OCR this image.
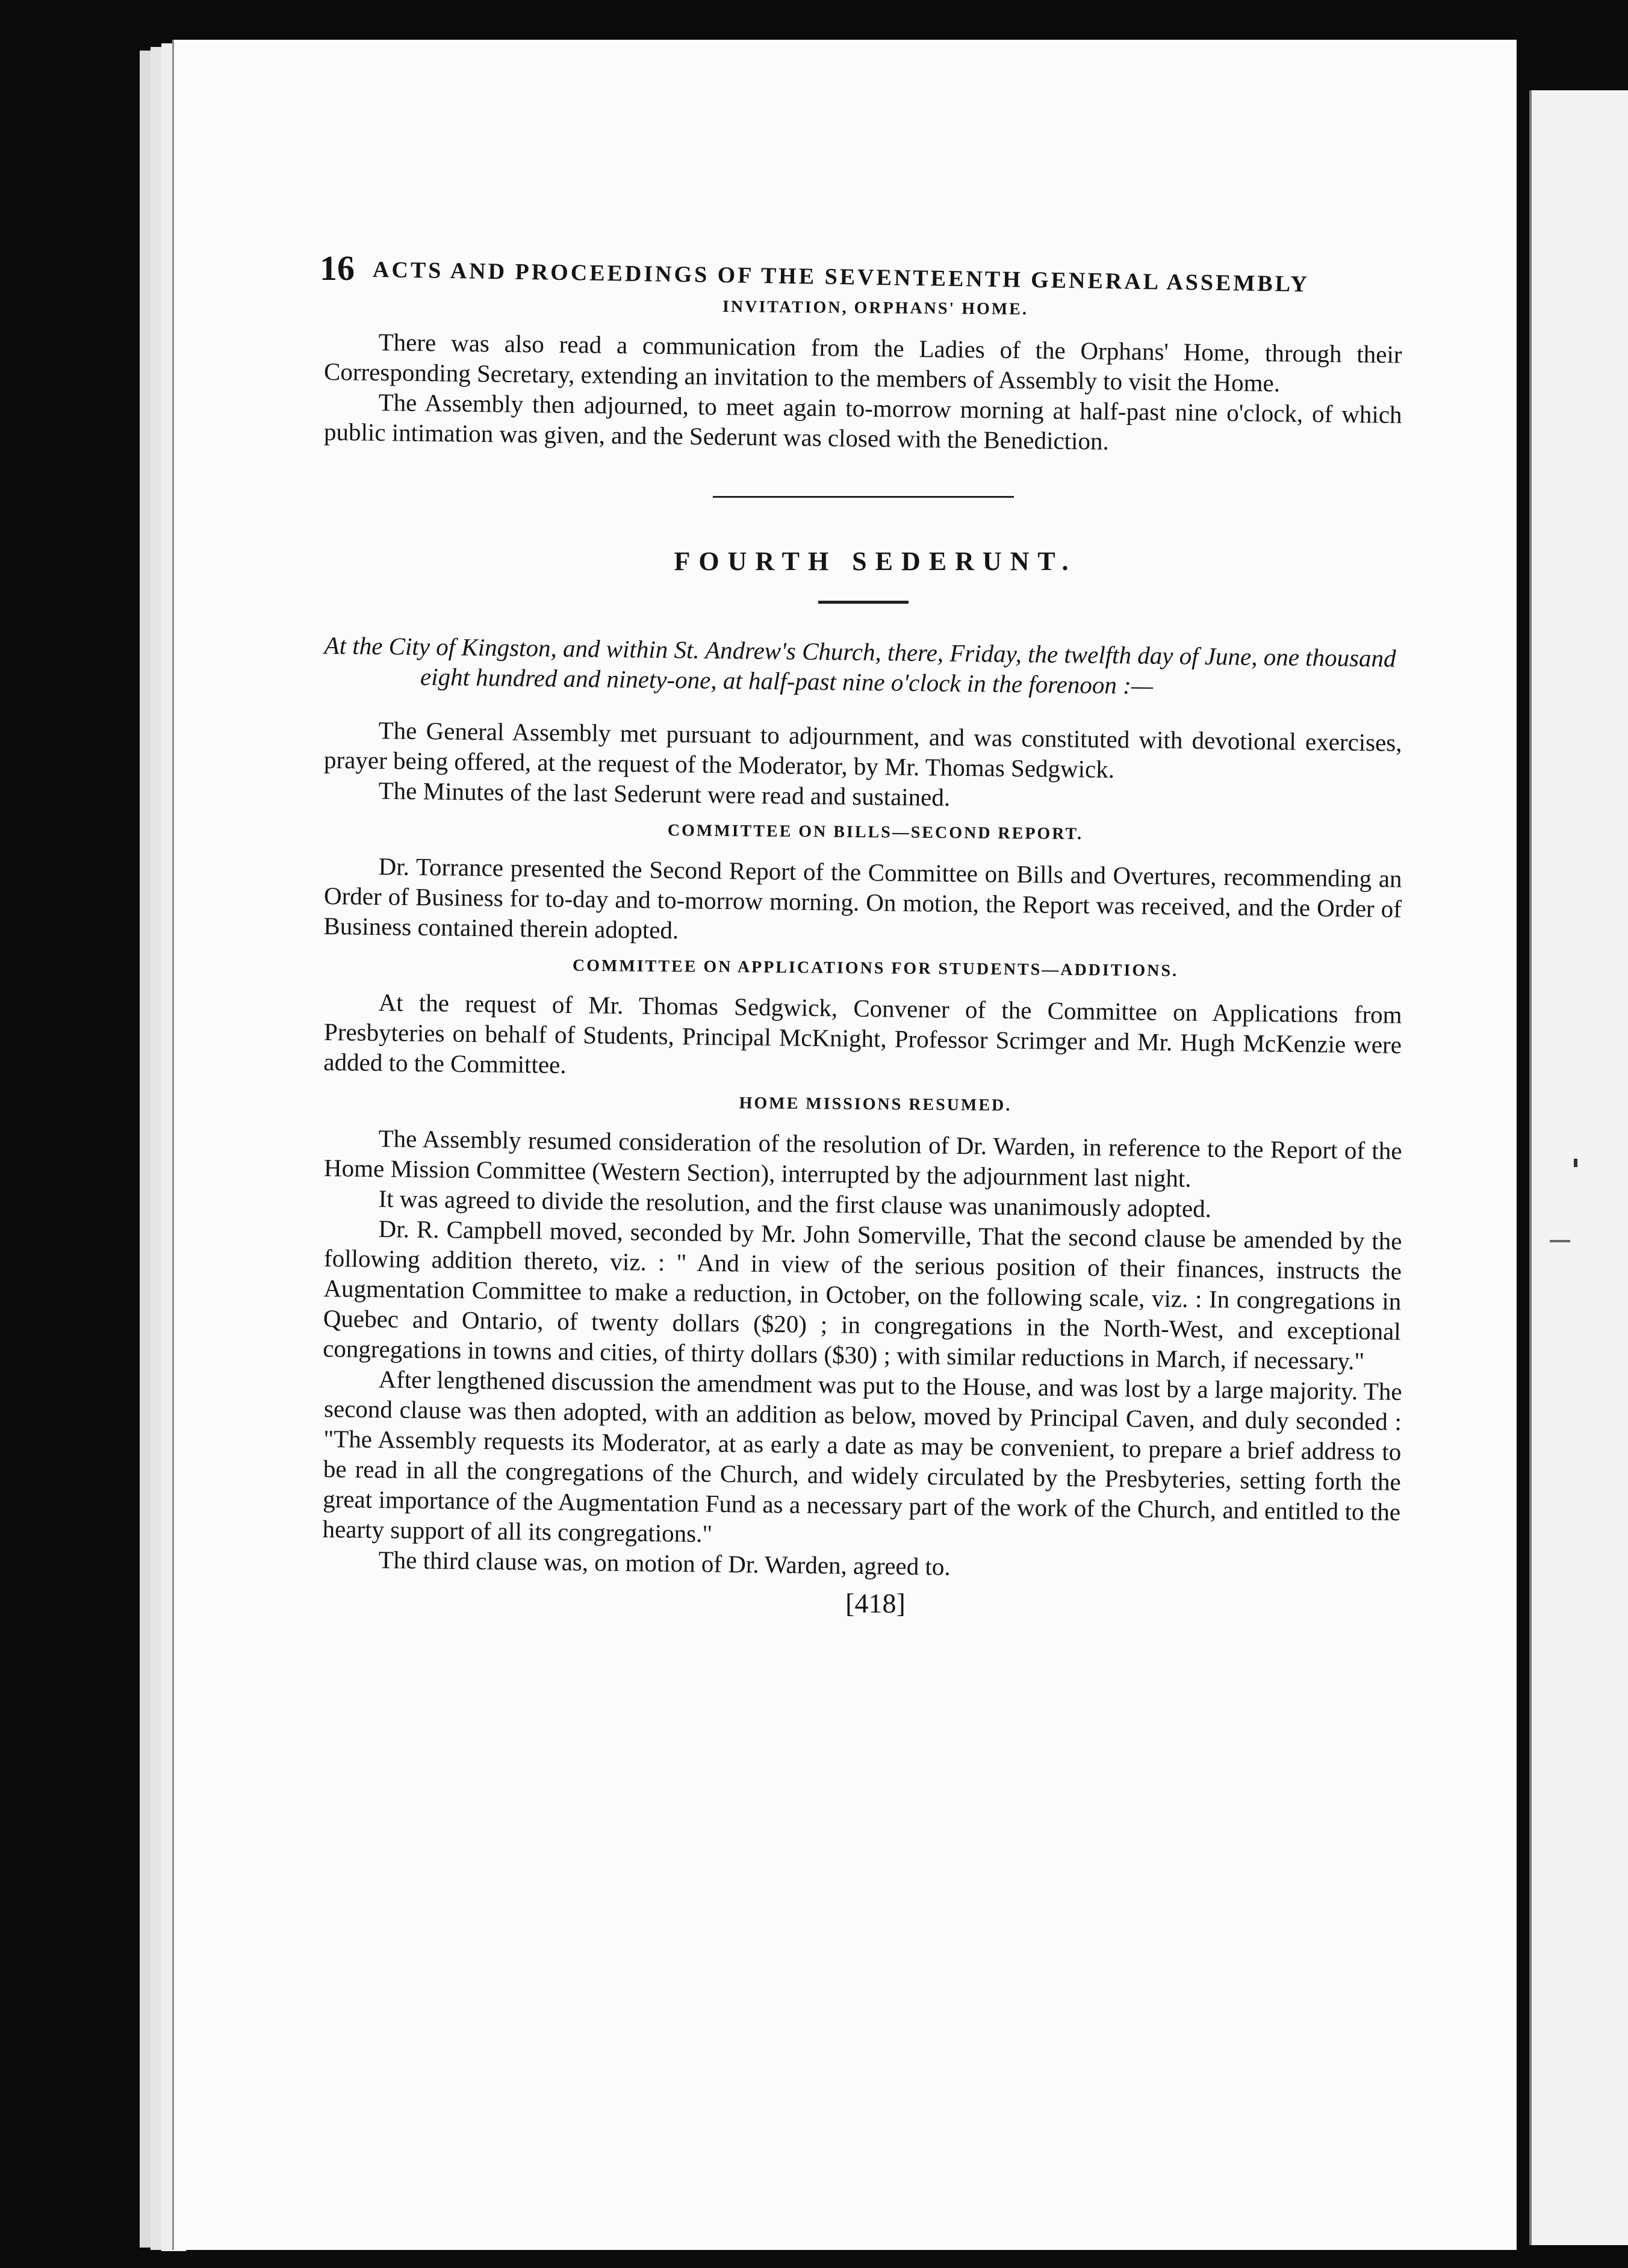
16 ACTS AND PROCEEDINGS OF THE SEVENTEENTH GENERAL ASSEMBLY
INVITATION, ORPHANS' HOME.

There was also read a communication from the Ladies of the Orphans' Home, through their Corresponding Secretary, extending an invitation to the members of Assembly to visit the Home.

The Assembly then adjourned, to meet again to-morrow morning at half-past nine o'clock, of which public intimation was given, and the Sederunt was closed with the Benediction.

FOURTH SEDERUNT.
At the City of Kingston, and within St. Andrew's Church, there, Friday, the twelfth day of June, one thousand eight hundred and ninety-one, at half-past nine o'clock in the forenoon :—

The General Assembly met pursuant to adjournment, and was constituted with devotional exercises, prayer being offered, at the request of the Moderator, by Mr. Thomas Sedgwick.

The Minutes of the last Sederunt were read and sustained.

COMMITTEE ON BILLS—SECOND REPORT.

Dr. Torrance presented the Second Report of the Committee on Bills and Overtures, recommending an Order of Business for to-day and to-morrow morning. On motion, the Report was received, and the Order of Business contained therein adopted.

COMMITTEE ON APPLICATIONS FOR STUDENTS—ADDITIONS.

At the request of Mr. Thomas Sedgwick, Convener of the Committee on Applications from Presbyteries on behalf of Students, Principal McKnight, Professor Scrimger and Mr. Hugh McKenzie were added to the Committee.

HOME MISSIONS RESUMED.

The Assembly resumed consideration of the resolution of Dr. Warden, in reference to the Report of the Home Mission Committee (Western Section), interrupted by the adjournment last night.

It was agreed to divide the resolution, and the first clause was unanimously adopted.

Dr. R. Campbell moved, seconded by Mr. John Somerville, That the second clause be amended by the following addition thereto, viz. : " And in view of the serious position of their finances, instructs the Augmentation Committee to make a reduction, in October, on the following scale, viz. : In congregations in Quebec and Ontario, of twenty dollars ($20) ; in congregations in the North-West, and exceptional congregations in towns and cities, of thirty dollars ($30) ; with similar reductions in March, if necessary."

After lengthened discussion the amendment was put to the House, and was lost by a large majority. The second clause was then adopted, with an addition as below, moved by Principal Caven, and duly seconded : "The Assembly requests its Moderator, at as early a date as may be convenient, to prepare a brief address to be read in all the congregations of the Church, and widely circulated by the Presbyteries, setting forth the great importance of the Augmentation Fund as a necessary part of the work of the Church, and entitled to the hearty support of all its congregations."

The third clause was, on motion of Dr. Warden, agreed to.

[418]
